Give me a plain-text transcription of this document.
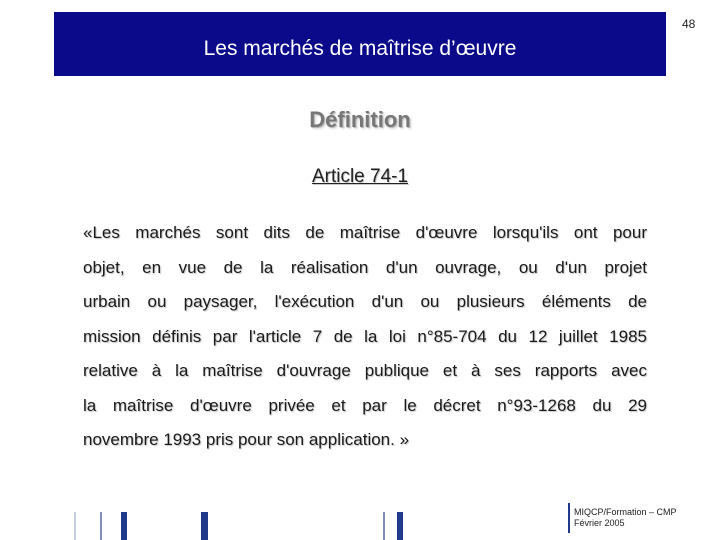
Les marchés de maîtrise d’œuvre
48
Définition
Article 74‑1
«Les marchés sont dits de maîtrise d'œuvre lorsqu'ils ont pour
objet, en vue de la réalisation d'un ouvrage, ou d'un projet
urbain ou paysager, l'exécution d'un ou plusieurs éléments de
mission définis par l'article 7 de la loi n°85‑704 du 12 juillet 1985
relative à la maîtrise d'ouvrage publique et à ses rapports avec
la maîtrise d'œuvre privée et par le décret n°93‑1268 du 29
novembre 1993 pris pour son application. »
MIQCP/Formation – CMP
Février 2005
